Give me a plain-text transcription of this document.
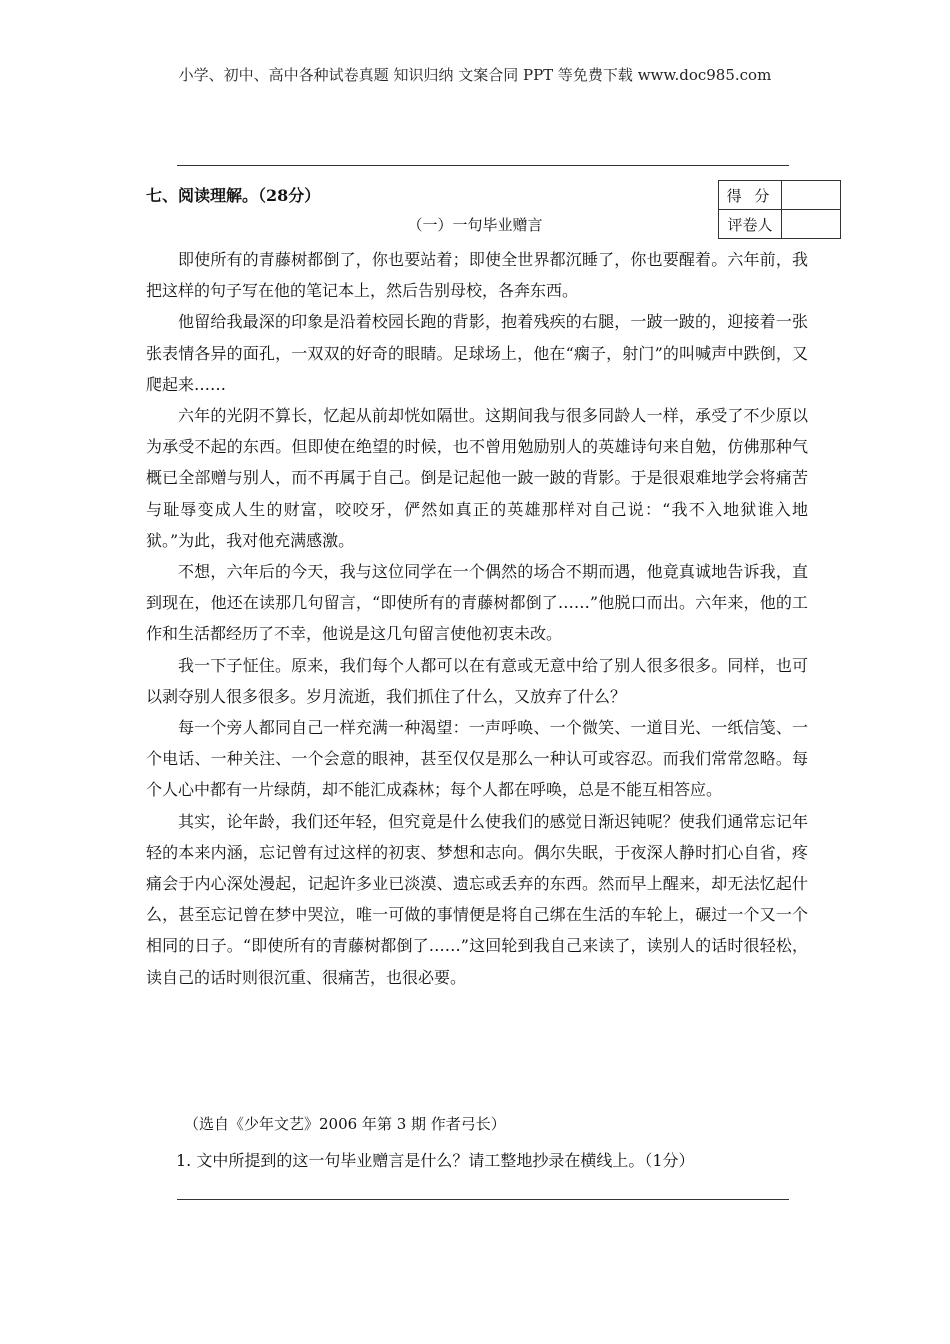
小学、初中、高中各种试卷真题 知识归纳 文案合同 PPT 等免费下载 www.doc985.com
七、阅读理解。（28分）	得 分	
评卷人	
（一）一句毕业赠言

即使所有的青藤树都倒了，你也要站着；即使全世界都沉睡了，你也要醒着。六年前，我把这样的句子写在他的笔记本上，然后告别母校，各奔东西。

他留给我最深的印象是沿着校园长跑的背影，抱着残疾的右腿，一跛一跛的，迎接着一张张表情各异的面孔，一双双的好奇的眼睛。足球场上，他在“瘸子，射门”的叫喊声中跌倒，又爬起来……

六年的光阴不算长，忆起从前却恍如隔世。这期间我与很多同龄人一样，承受了不少原以为承受不起的东西。但即使在绝望的时候，也不曾用勉励别人的英雄诗句来自勉，仿佛那种气概已全部赠与别人，而不再属于自己。倒是记起他一跛一跛的背影。于是很艰难地学会将痛苦与耻辱变成人生的财富，咬咬牙，俨然如真正的英雄那样对自己说：“我不入地狱谁入地狱。”为此，我对他充满感激。

不想，六年后的今天，我与这位同学在一个偶然的场合不期而遇，他竟真诚地告诉我，直到现在，他还在读那几句留言，“即使所有的青藤树都倒了……”他脱口而出。六年来，他的工作和生活都经历了不幸，他说是这几句留言使他初衷未改。

我一下子怔住。原来，我们每个人都可以在有意或无意中给了别人很多很多。同样，也可以剥夺别人很多很多。岁月流逝，我们抓住了什么，又放弃了什么？

每一个旁人都同自己一样充满一种渴望：一声呼唤、一个微笑、一道目光、一纸信笺、一个电话、一种关注、一个会意的眼神，甚至仅仅是那么一种认可或容忍。而我们常常忽略。每个人心中都有一片绿荫，却不能汇成森林；每个人都在呼唤，总是不能互相答应。

其实，论年龄，我们还年轻，但究竟是什么使我们的感觉日渐迟钝呢？使我们通常忘记年轻的本来内涵，忘记曾有过这样的初衷、梦想和志向。偶尔失眠，于夜深人静时扪心自省，疼痛会于内心深处漫起，记起许多业已淡漠、遗忘或丢弃的东西。然而早上醒来，却无法忆起什么，甚至忘记曾在梦中哭泣，唯一可做的事情便是将自己绑在生活的车轮上，碾过一个又一个相同的日子。“即使所有的青藤树都倒了……”这回轮到我自己来读了，读别人的话时很轻松，读自己的话时则很沉重、很痛苦，也很必要。

（选自《少年文艺》2006 年第 3 期 作者弓长）
1. 文中所提到的这一句毕业赠言是什么？请工整地抄录在横线上。（1分）
